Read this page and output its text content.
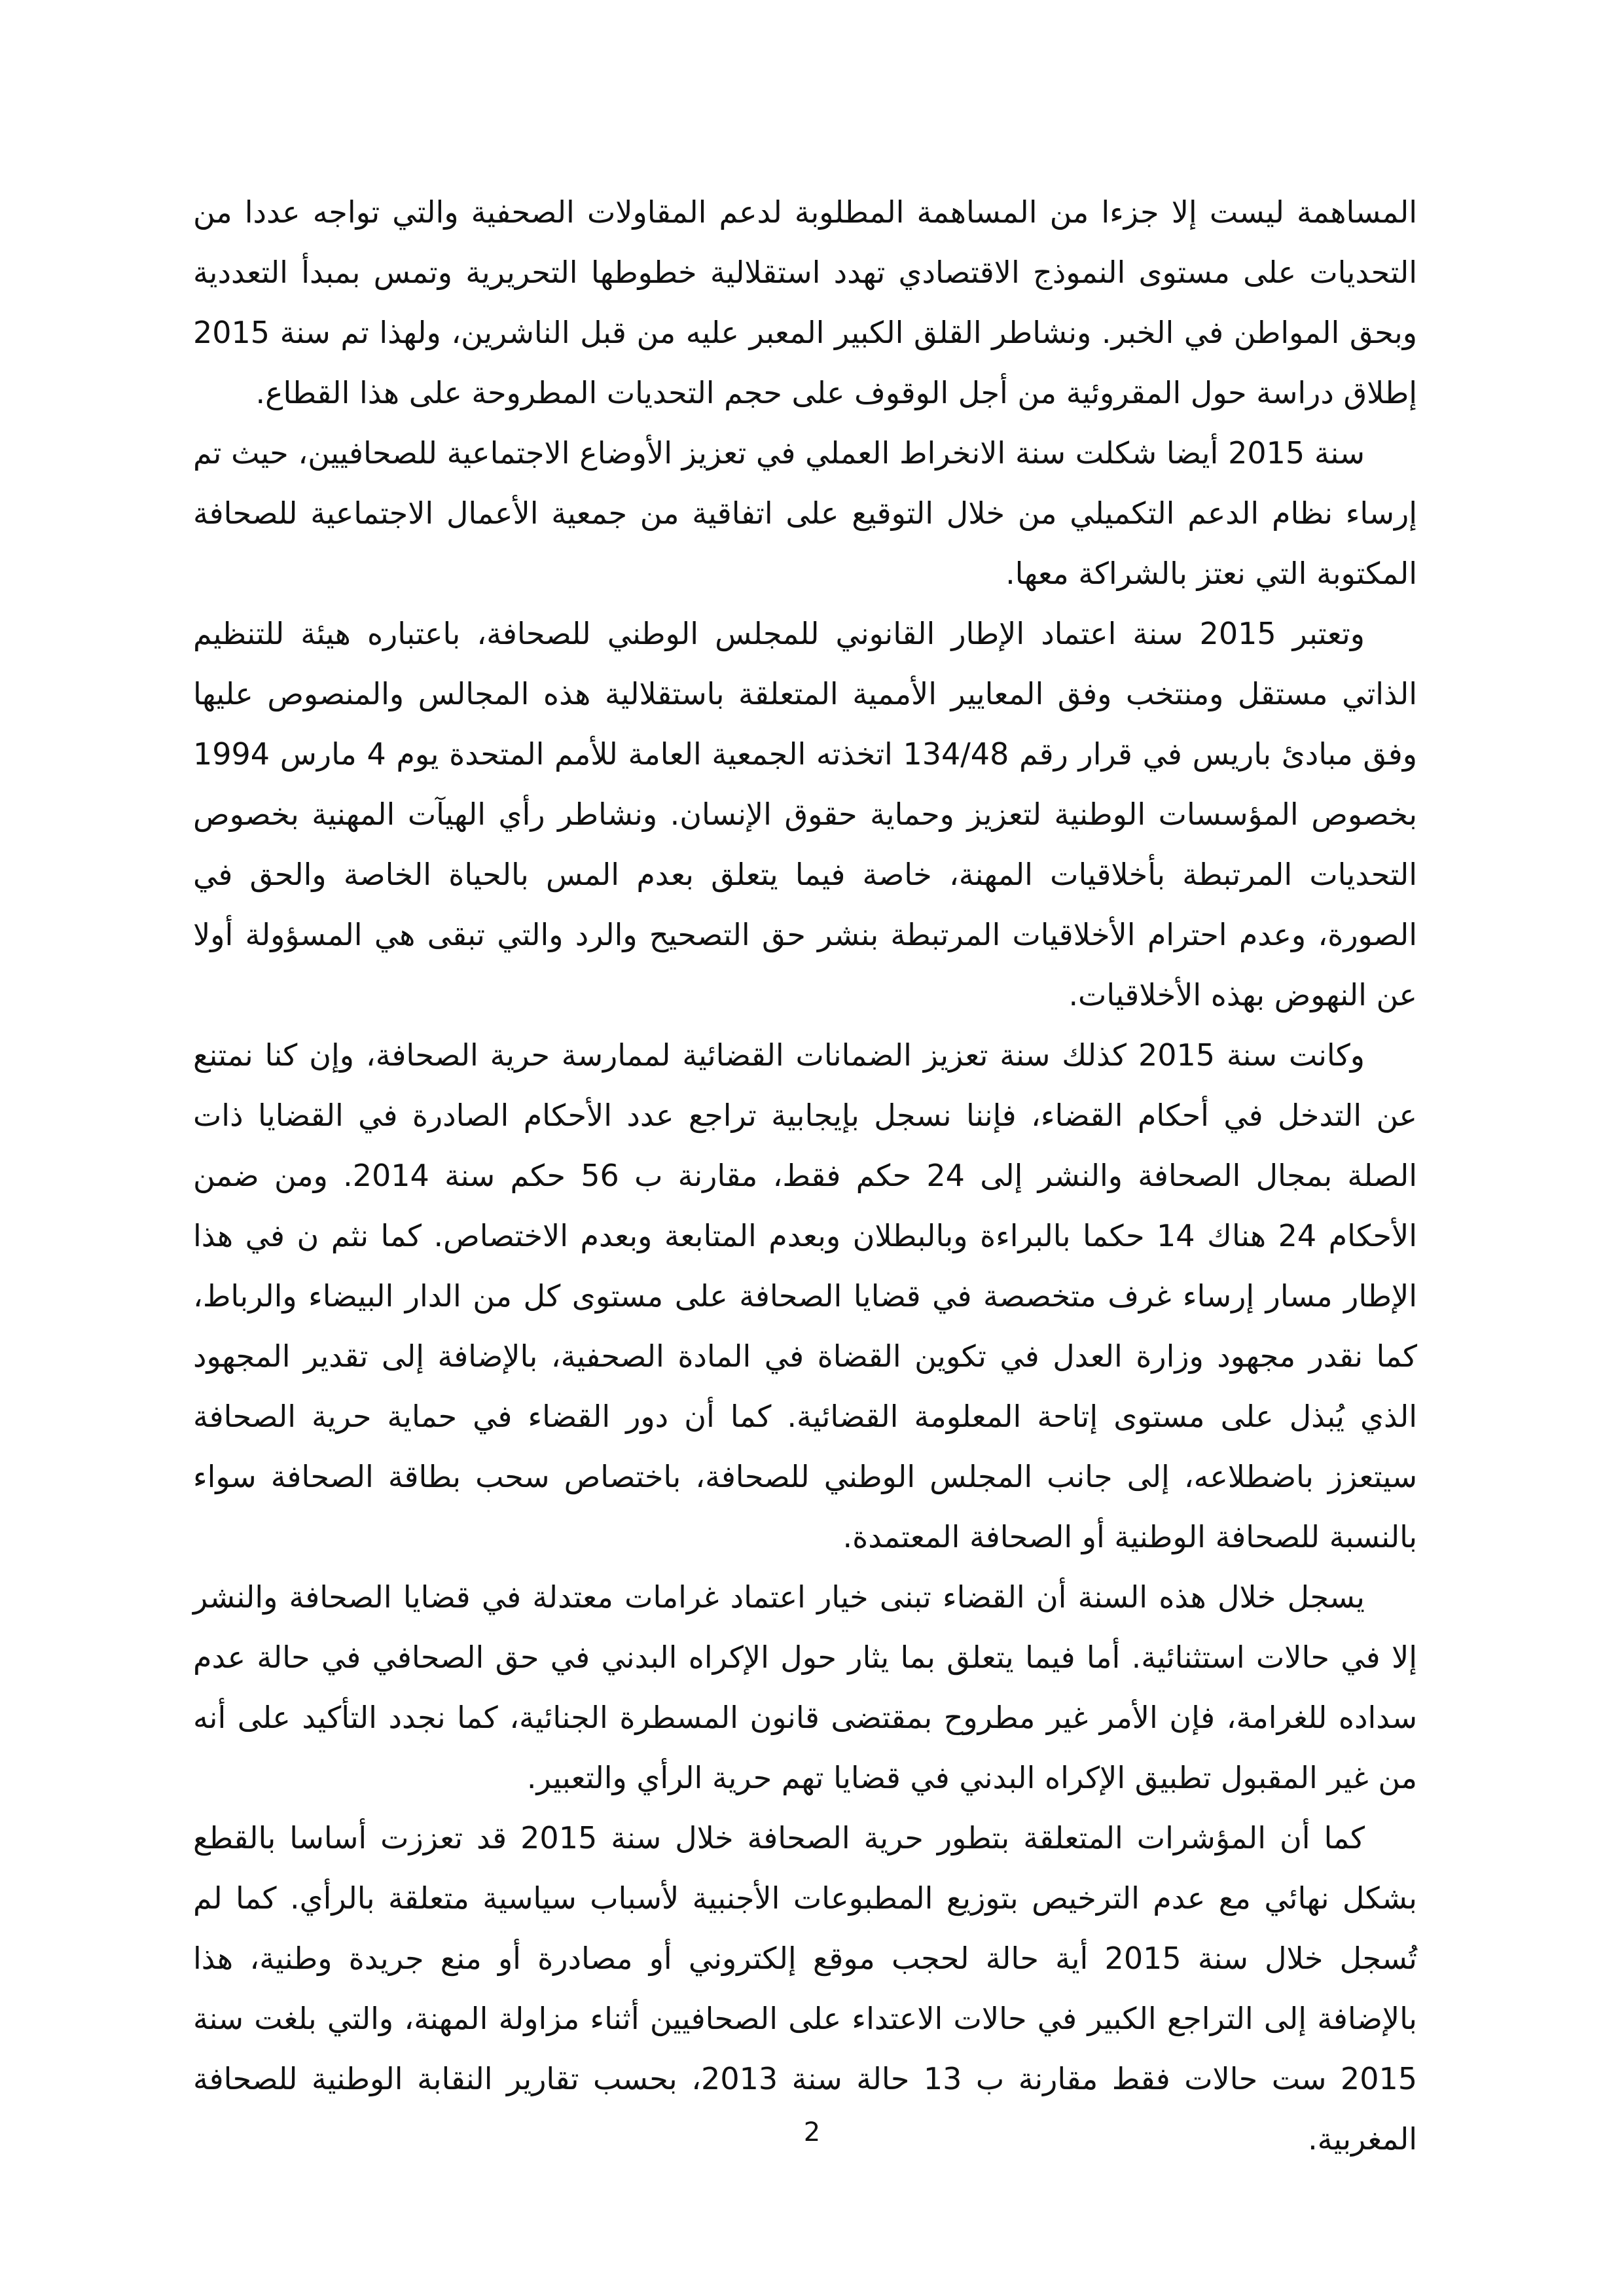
المساهمة ليست إلا جزءا من المساهمة المطلوبة لدعم المقاولات الصحفية والتي تواجه عددا من التحديات على مستوى النموذج الاقتصادي تهدد استقلالية خطوطها التحريرية وتمس بمبدأ التعددية وبحق المواطن في الخبر. ونشاطر القلق الكبير المعبر عليه من قبل الناشرين، ولهذا تم سنة 2015 إطلاق دراسة حول المقروئية من أجل الوقوف على حجم التحديات المطروحة على هذا القطاع.

سنة 2015 أيضا شكلت سنة الانخراط العملي في تعزيز الأوضاع الاجتماعية للصحافيين، حيث تم إرساء نظام الدعم التكميلي من خلال التوقيع على اتفاقية من جمعية الأعمال الاجتماعية للصحافة المكتوبة التي نعتز بالشراكة معها.

وتعتبر 2015 سنة اعتماد الإطار القانوني للمجلس الوطني للصحافة، باعتباره هيئة للتنظيم الذاتي مستقل ومنتخب وفق المعايير الأممية المتعلقة باستقلالية هذه المجالس والمنصوص عليها وفق مبادئ باريس في قرار رقم 134/48 اتخذته الجمعية العامة للأمم المتحدة يوم 4 مارس 1994 بخصوص المؤسسات الوطنية لتعزيز وحماية حقوق الإنسان. ونشاطر رأي الهيآت المهنية بخصوص التحديات المرتبطة بأخلاقيات المهنة، خاصة فيما يتعلق بعدم المس بالحياة الخاصة والحق في الصورة، وعدم احترام الأخلاقيات المرتبطة بنشر حق التصحيح والرد والتي تبقى هي المسؤولة أولا عن النهوض بهذه الأخلاقيات.

وكانت سنة 2015 كذلك سنة تعزيز الضمانات القضائية لممارسة حرية الصحافة، وإن كنا نمتنع عن التدخل في أحكام القضاء، فإننا نسجل بإيجابية تراجع عدد الأحكام الصادرة في القضايا ذات الصلة بمجال الصحافة والنشر إلى 24 حكم فقط، مقارنة ب 56 حكم سنة 2014. ومن ضمن الأحكام 24 هناك 14 حكما بالبراءة وبالبطلان وبعدم المتابعة وبعدم الاختصاص. كما نثم ن في هذا الإطار مسار إرساء غرف متخصصة في قضايا الصحافة على مستوى كل من الدار البيضاء والرباط، كما نقدر مجهود وزارة العدل في تكوين القضاة في المادة الصحفية، بالإضافة إلى تقدير المجهود الذي يُبذل على مستوى إتاحة المعلومة القضائية. كما أن دور القضاء في حماية حرية الصحافة سيتعزز باضطلاعه، إلى جانب المجلس الوطني للصحافة، باختصاص سحب بطاقة الصحافة سواء بالنسبة للصحافة الوطنية أو الصحافة المعتمدة.

يسجل خلال هذه السنة أن القضاء تبنى خيار اعتماد غرامات معتدلة في قضايا الصحافة والنشر إلا في حالات استثنائية. أما فيما يتعلق بما يثار حول الإكراه البدني في حق الصحافي في حالة عدم سداده للغرامة، فإن الأمر غير مطروح بمقتضى قانون المسطرة الجنائية، كما نجدد التأكيد على أنه من غير المقبول تطبيق الإكراه البدني في قضايا تهم حرية الرأي والتعبير.

كما أن المؤشرات المتعلقة بتطور حرية الصحافة خلال سنة 2015 قد تعززت أساسا بالقطع بشكل نهائي مع عدم الترخيص بتوزيع المطبوعات الأجنبية لأسباب سياسية متعلقة بالرأي. كما لم تُسجل خلال سنة 2015 أية حالة لحجب موقع إلكتروني أو مصادرة أو منع جريدة وطنية، هذا بالإضافة إلى التراجع الكبير في حالات الاعتداء على الصحافيين أثناء مزاولة المهنة، والتي بلغت سنة 2015 ست حالات فقط مقارنة ب 13 حالة سنة 2013، بحسب تقارير النقابة الوطنية للصحافة المغربية.

2
